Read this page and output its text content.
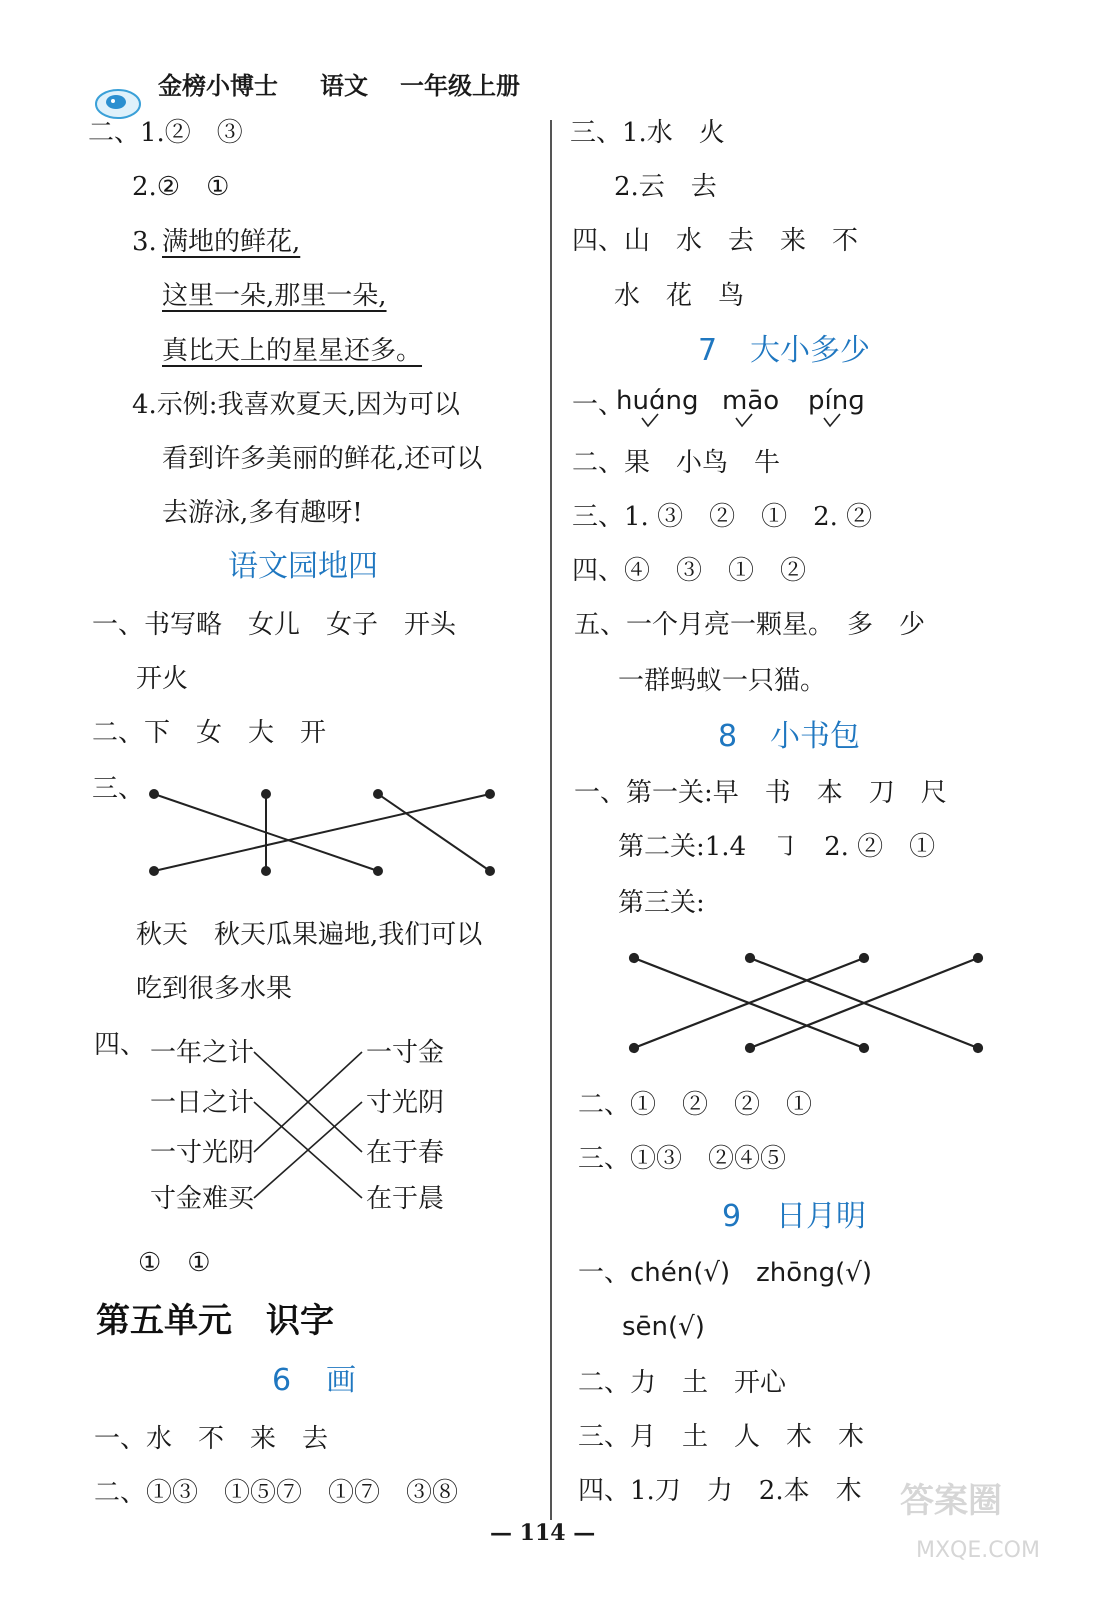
金榜小博士 语文 一年级上册
二、1.②　③
2.②　①
3. 满地的鲜花,
这里一朵,那里一朵,
真比天上的星星还多。
4.示例:我喜欢夏天,因为可以
看到许多美丽的鲜花,还可以
去游泳,多有趣呀!
语文园地四
一、书写略　女儿　女子　开头
开火
二、下　女　大　开
三、
秋天　秋天瓜果遍地,我们可以
吃到很多水果
四、 一年之计
一日之计
一寸光阴
寸金难买
一寸金
寸光阴
在于春
在于晨
①　①
第五单元　识字
6 画
一、水　不　来　去
二、①③　①⑤⑦　①⑦　③⑧
三、1.水　火
2.云　去
四、山　水　去　来　不
水　花　鸟
7 大小多少
一、
huɑ́ng māo pínɡ
二、果　小鸟　牛
三、1. ③　②　①　2. ②
四、④　③　①　②
五、一个月亮一颗星。　多　少
一群蚂蚁一只猫。
8 小书包
一、第一关:早　书　本　刀　尺
第二关:1.4　㇆　2. ②　①
第三关:
二、①　②　②　①
三、①③　②④⑤
9 日月明
一、chén(√)　zhōng(√)
sēn(√)
二、力　土　开心
三、月　土　人　木　木
四、1.刀　力　2.本　木
— 114 —
答案圈
MXQE.COM
